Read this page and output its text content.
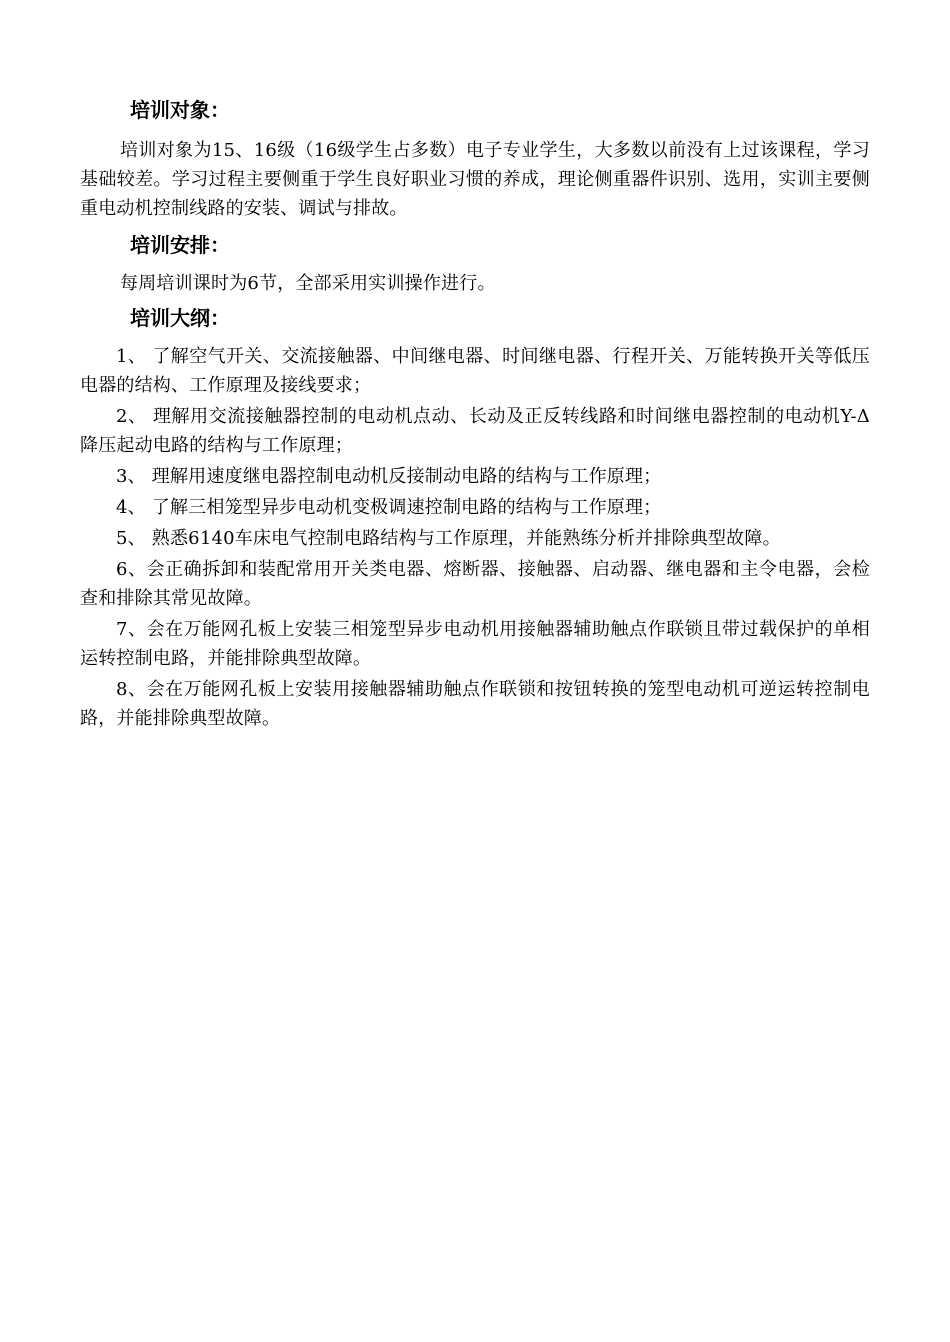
培训对象：

培训对象为15、16级（16级学生占多数）电子专业学生，大多数以前没有上过该课程，学习基础较差。学习过程主要侧重于学生良好职业习惯的养成，理论侧重器件识别、选用，实训主要侧重电动机控制线路的安装、调试与排故。

培训安排：

每周培训课时为6节，全部采用实训操作进行。

培训大纲：

1、 了解空气开关、交流接触器、中间继电器、时间继电器、行程开关、万能转换开关等低压电器的结构、工作原理及接线要求；

2、 理解用交流接触器控制的电动机点动、长动及正反转线路和时间继电器控制的电动机Y-Δ降压起动电路的结构与工作原理；

3、 理解用速度继电器控制电动机反接制动电路的结构与工作原理；

4、 了解三相笼型异步电动机变极调速控制电路的结构与工作原理；

5、 熟悉6140车床电气控制电路结构与工作原理，并能熟练分析并排除典型故障。

6、会正确拆卸和装配常用开关类电器、熔断器、接触器、启动器、继电器和主令电器，会检查和排除其常见故障。

7、会在万能网孔板上安装三相笼型异步电动机用接触器辅助触点作联锁且带过载保护的单相运转控制电路，并能排除典型故障。

8、会在万能网孔板上安装用接触器辅助触点作联锁和按钮转换的笼型电动机可逆运转控制电路，并能排除典型故障。
